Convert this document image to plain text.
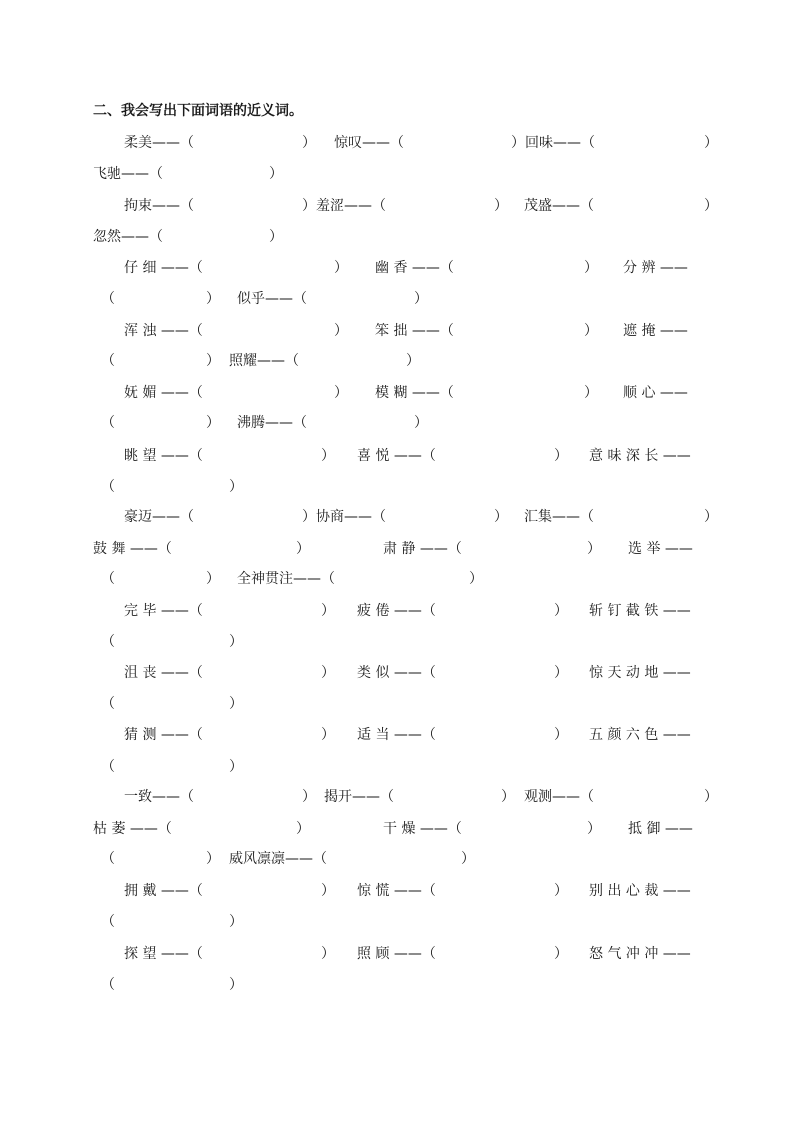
二、我会写出下面词语的近义词。
柔美——（	） 惊叹——（	）回味——（	）
飞驰——（	）
拘束——（	）羞涩——（	） 茂盛——（	）
忽然——（	）
仔 细 ——（	） 幽 香 ——（	） 分 辨 ——
（	） 似乎——（	）
浑 浊 ——（	） 笨 拙 ——（	） 遮 掩 ——
（	） 照耀——（	）
妩 媚 ——（	） 模 糊 ——（	） 顺 心 ——
（	） 沸腾——（	）
眺 望 ——（	） 喜 悦 ——（	） 意 味 深 长 ——
（	）
豪迈——（	）协商——（	） 汇集——（	）
鼓 舞 ——（	）	肃 静 ——（	） 选 举 ——
（	） 全神贯注——（	）
完 毕 ——（	） 疲 倦 ——（	） 斩 钉 截 铁 ——
（	）
沮 丧 ——（	） 类 似 ——（	） 惊 天 动 地 ——
（	）
猜 测 ——（	） 适 当 ——（	） 五 颜 六 色 ——
（	）
一致——（	） 揭开——（	） 观测——（	）
枯 萎 ——（	）	干 燥 ——（	） 抵 御 ——
（	） 威风凛凛——（	）
拥 戴 ——（	） 惊 慌 ——（	） 别 出 心 裁 ——
（	）
探 望 ——（	） 照 顾 ——（	） 怒 气 冲 冲 ——
（	）
